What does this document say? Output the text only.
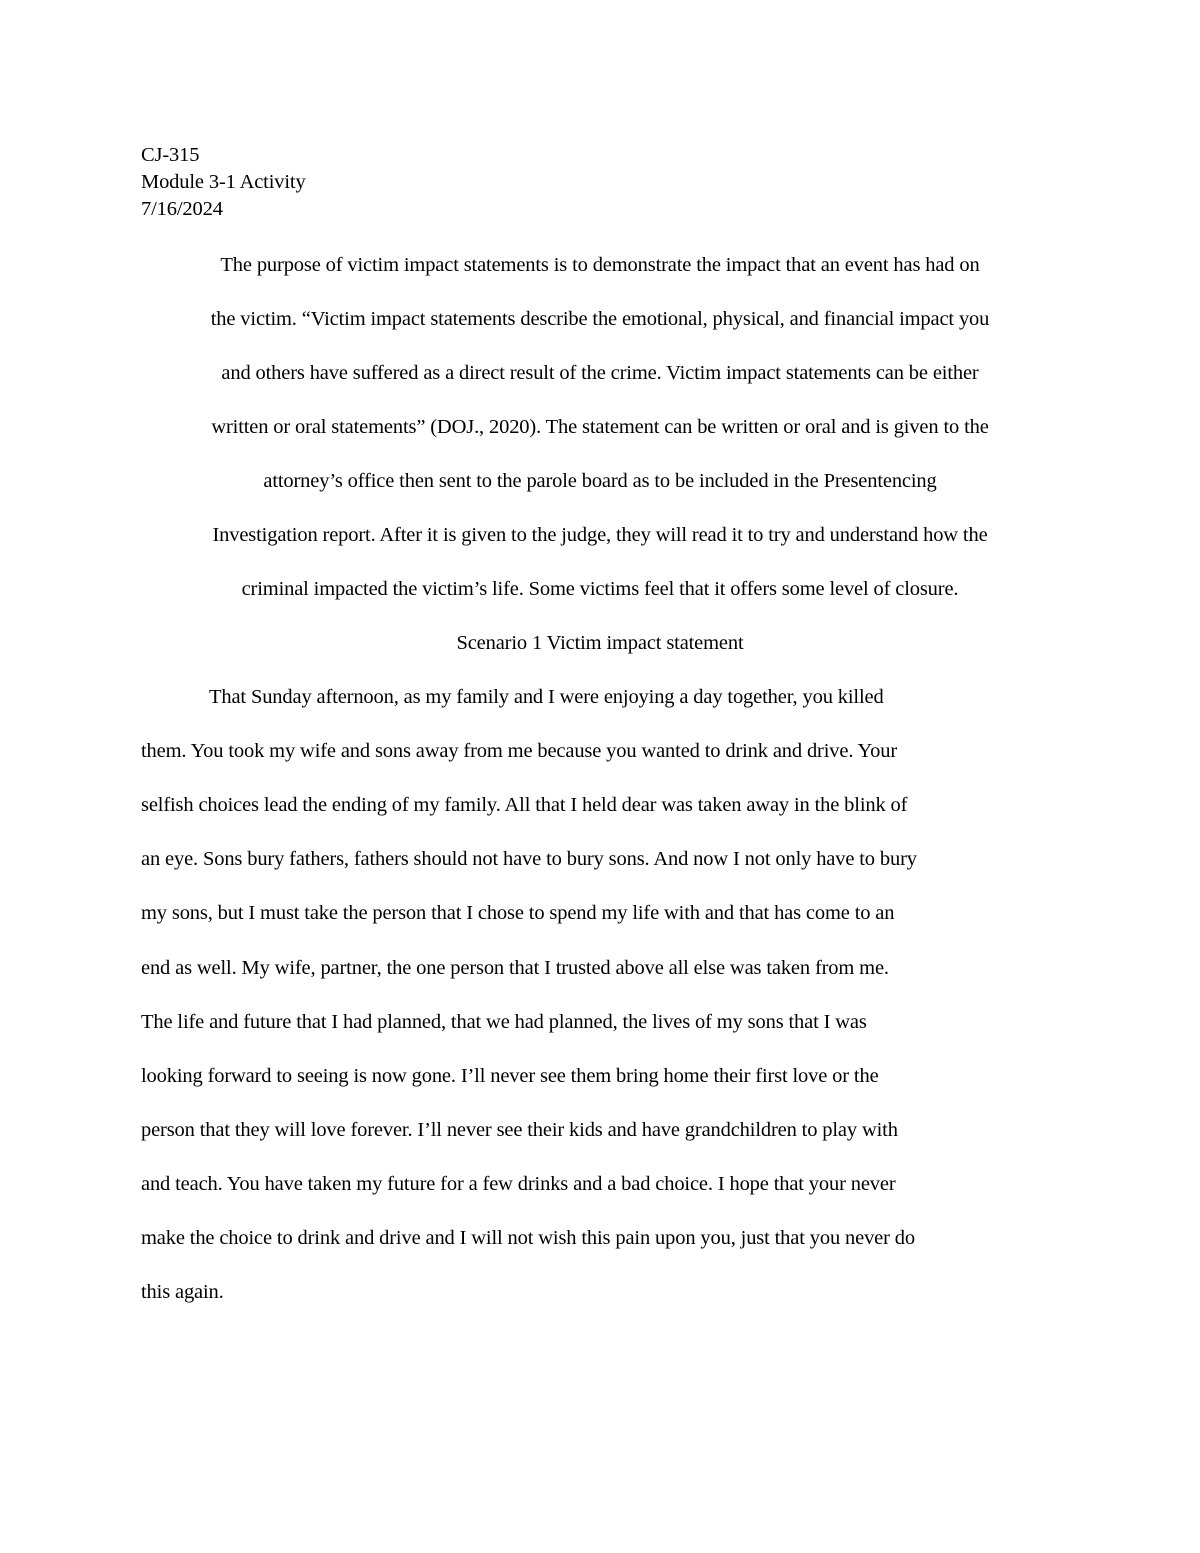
CJ-315
Module 3-1 Activity
7/16/2024
The purpose of victim impact statements is to demonstrate the impact that an event has had on
the victim. “Victim impact statements describe the emotional, physical, and financial impact you
and others have suffered as a direct result of the crime. Victim impact statements can be either
written or oral statements” (DOJ., 2020). The statement can be written or oral and is given to the
attorney’s office then sent to the parole board as to be included in the Presentencing
Investigation report. After it is given to the judge, they will read it to try and understand how the
criminal impacted the victim’s life. Some victims feel that it offers some level of closure.
Scenario 1 Victim impact statement
That Sunday afternoon, as my family and I were enjoying a day together, you killed
them. You took my wife and sons away from me because you wanted to drink and drive. Your
selfish choices lead the ending of my family. All that I held dear was taken away in the blink of
an eye. Sons bury fathers, fathers should not have to bury sons. And now I not only have to bury
my sons, but I must take the person that I chose to spend my life with and that has come to an
end as well. My wife, partner, the one person that I trusted above all else was taken from me.
The life and future that I had planned, that we had planned, the lives of my sons that I was
looking forward to seeing is now gone. I’ll never see them bring home their first love or the
person that they will love forever. I’ll never see their kids and have grandchildren to play with
and teach. You have taken my future for a few drinks and a bad choice. I hope that your never
make the choice to drink and drive and I will not wish this pain upon you, just that you never do
this again.
